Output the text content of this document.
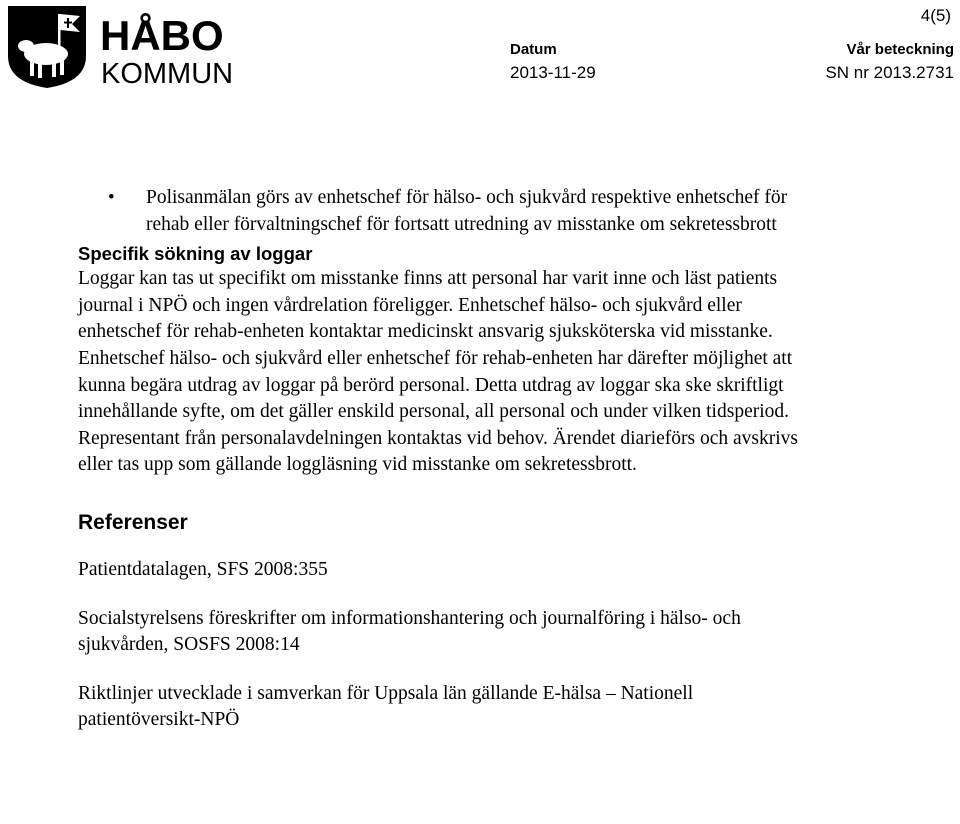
HÅBO
KOMMUN
4(5)
Datum
2013-11-29
Vår beteckning
SN nr 2013.2731
• Polisanmälan görs av enhetschef för hälso- och sjukvård respektive enhetschef för rehab eller förvaltningschef för fortsatt utredning av misstanke om sekretessbrott
Specifik sökning av loggar

Loggar kan tas ut specifikt om misstanke finns att personal har varit inne och läst patients journal i NPÖ och ingen vårdrelation föreligger. Enhetschef hälso- och sjukvård eller enhetschef för rehab-enheten kontaktar medicinskt ansvarig sjuksköterska vid misstanke. Enhetschef hälso- och sjukvård eller enhetschef för rehab-enheten har därefter möjlighet att kunna begära utdrag av loggar på berörd personal. Detta utdrag av loggar ska ske skriftligt innehållande syfte, om det gäller enskild personal, all personal och under vilken tidsperiod. Representant från personalavdelningen kontaktas vid behov. Ärendet diarieförs och avskrivs eller tas upp som gällande loggläsning vid misstanke om sekretessbrott.

Referenser

Patientdatalagen, SFS 2008:355

Socialstyrelsens föreskrifter om informationshantering och journalföring i hälso- och sjukvården, SOSFS 2008:14

Riktlinjer utvecklade i samverkan för Uppsala län gällande E-hälsa – Nationell patientöversikt-NPÖ
